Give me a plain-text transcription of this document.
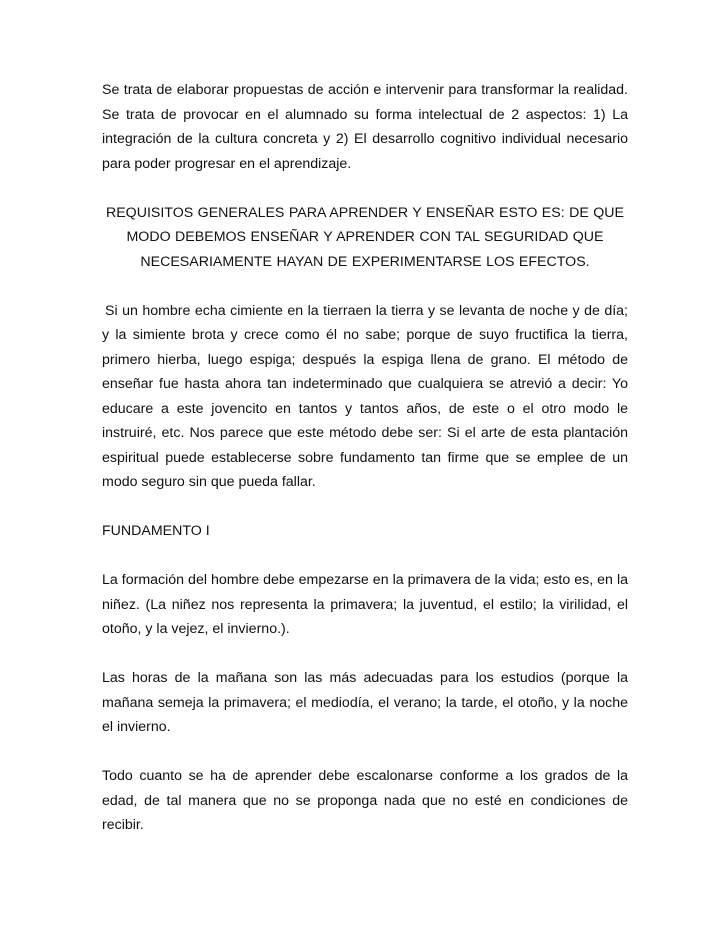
Se trata de elaborar propuestas de acción e intervenir para transformar la realidad. Se trata de provocar en el alumnado su forma intelectual de 2 aspectos: 1) La integración de la cultura concreta y 2) El desarrollo cognitivo individual necesario para poder progresar en el aprendizaje.

REQUISITOS GENERALES PARA APRENDER Y ENSEÑAR ESTO ES: DE QUE MODO DEBEMOS ENSEÑAR Y APRENDER CON TAL SEGURIDAD QUE NECESARIAMENTE HAYAN DE EXPERIMENTARSE LOS EFECTOS.

Si un hombre echa cimiente en la tierraen la tierra y se levanta de noche y de día; y la simiente brota y crece como él no sabe; porque de suyo fructifica la tierra, primero hierba, luego espiga; después la espiga llena de grano. El método de enseñar fue hasta ahora tan indeterminado que cualquiera se atrevió a decir: Yo educare a este jovencito en tantos y tantos años, de este o el otro modo le instruiré, etc. Nos parece que este método debe ser: Si el arte de esta plantación espiritual puede establecerse sobre fundamento tan firme que se emplee de un modo seguro sin que pueda fallar.

FUNDAMENTO I

La formación del hombre debe empezarse en la primavera de la vida; esto es, en la niñez. (La niñez nos representa la primavera; la juventud, el estilo; la virilidad, el otoño, y la vejez, el invierno.).

Las horas de la mañana son las más adecuadas para los estudios (porque la mañana semeja la primavera; el mediodía, el verano; la tarde, el otoño, y la noche el invierno.

Todo cuanto se ha de aprender debe escalonarse conforme a los grados de la edad, de tal manera que no se proponga nada que no esté en condiciones de recibir.
